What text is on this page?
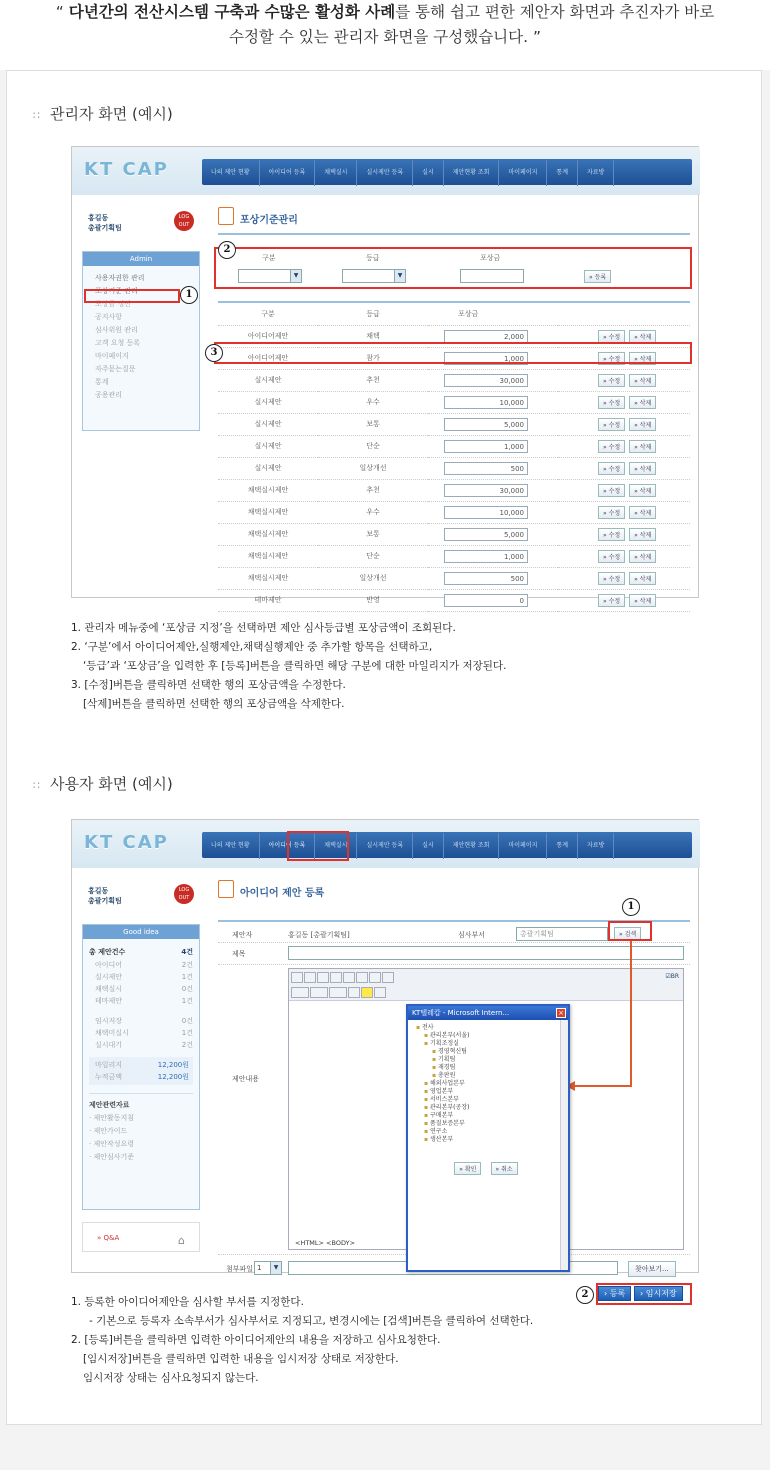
“ 다년간의 전산시스템 구축과 수많은 활성화 사례를 통해 쉽고 편한 제안자 화면과 추진자가 바로
수정할 수 있는 관리자 화면을 구성했습니다. ”
∷ 관리자 화면 (예시)
KT CAP	나의 제안 현황	아이디어 등록	채택실시	실시제안 등록	실시	제안현황 조회	마이페이지	통계	자료방
홍길동
총괄기획팀
LOG OUT
Admin
사용자권한 관리
포상기준 관리
포상금 정산
공지사항
심사위원 관리
고객 요청 등록
마이페이지
자주묻는질문
통계
공용관리
1
포상기준관리
2
구분	등급	포상금
▼	▼	» 등록
구분	등급	포상금	
아이디어제안	채택	2,000	» 수정 » 삭제
아이디어제안	참가	1,000	» 수정 » 삭제
실시제안	추천	30,000	» 수정 » 삭제
실시제안	우수	10,000	» 수정 » 삭제
실시제안	보통	5,000	» 수정 » 삭제
실시제안	단순	1,000	» 수정 » 삭제
실시제안	일상개선	500	» 수정 » 삭제
채택실시제안	추천	30,000	» 수정 » 삭제
채택실시제안	우수	10,000	» 수정 » 삭제
채택실시제안	보통	5,000	» 수정 » 삭제
채택실시제안	단순	1,000	» 수정 » 삭제
채택실시제안	일상개선	500	» 수정 » 삭제
테마제안	반영	0	» 수정 » 삭제
3
1. 관리자 메뉴중에 ‘포상금 지정’을 선택하면 제안 심사등급별 포상금액이 조회된다.
2. ‘구분’에서 아이디어제안,실행제안,채택실행제안 중 추가할 항목을 선택하고,
‘등급’과 ‘포상금’을 입력한 후 [등록]버튼을 클릭하면 해당 구분에 대한 마일리지가 저장된다.
3. [수정]버튼을 클릭하면 선택한 행의 포상금액을 수정한다.
[삭제]버튼을 클릭하면 선택한 행의 포상금액을 삭제한다.
∷ 사용자 화면 (예시)
KT CAP	나의 제안 현황	아이디어 등록	채택실시	실시제안 등록	실시	제안현황 조회	마이페이지	통계	자료방
홍길동
총괄기획팀
LOG OUT
Good idea
총 제안건수	4건
아이디어	2건
실시제안	1건
채택실시	0건
테마제안	1건
임시저장	0건
채택미실시	1건
실시대기	2건
마일리지	12,200원
누적금액	12,200원
제안관련자료
· 제안활동지침
· 제안가이드
· 제안작성요령
· 제안심사기준
» Q&A	⌂
아이디어 제안 등록
제안자	홍길동 [총괄기획팀]	심사부서	총괄기획팀	» 검색
제목
제안내용
<HTML> <BODY>
☑BR
첨부파일 1	▼	찾아보기...
› 등록	› 임시저장
1
2
KT텔레캅 - Microsoft Intern...	×
▪ 전사
▪ 관리본부(서울)
▪ 기획조정실
▪ 경영혁신팀
▪ 기획팀
▪ 재경팀
▪ 총판원
▪ 해외사업본부
▪ 영업본부
▪ 서비스본부
▪ 관리본부(공장)
▪ 구매본부
▪ 품질보증본부
▪ 연구소
▪ 생산본부
» 확인	» 취소
1. 등록한 아이디어제안을 심사할 부서를 지정한다.
- 기본으로 등록자 소속부서가 심사부서로 지정되고, 변경시에는 [검색]버튼을 클릭하여 선택한다.
2. [등록]버튼을 클릭하면 입력한 아이디어제안의 내용을 저장하고 심사요청한다.
[임시저장]버튼을 클릭하면 입력한 내용을 임시저장 상태로 저장한다.
임시저장 상태는 심사요청되지 않는다.
